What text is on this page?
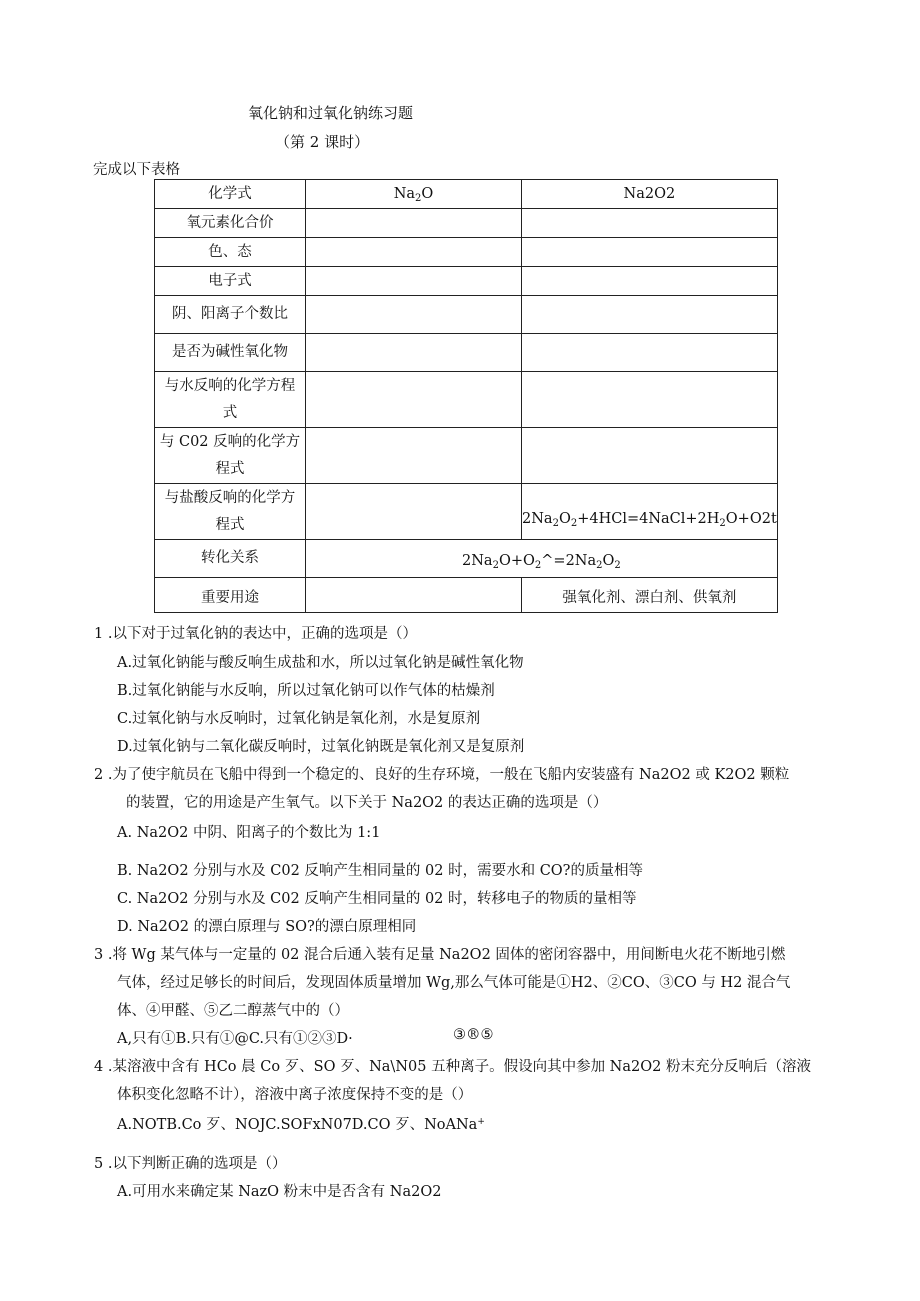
氧化钠和过氧化钠练习题
（第 2 课时）
完成以下表格
化学式	$Na_2O$	Na2O2
氧元素化合价		
色、态		
电子式		
阴、阳离子个数比		
是否为碱性氧化物		
与水反响的化学方程
式		
与 C02 反响的化学方
程式		
与盐酸反响的化学方
程式		$2Na_2O_2+4HCl=4NaCl+2H_2O+O2t$
转化关系	$2Na_2O+O_2\^{}=2Na_2O_2$
重要用途		强氧化剂、漂白剂、供氧剂
1 .以下对于过氧化钠的表达中，正确的选项是（）
A.过氧化钠能与酸反响生成盐和水，所以过氧化钠是碱性氧化物
B.过氧化钠能与水反响，所以过氧化钠可以作气体的枯燥剂
C.过氧化钠与水反响时，过氧化钠是氧化剂，水是复原剂
D.过氧化钠与二氧化碳反响时，过氧化钠既是氧化剂又是复原剂
2 .为了使宇航员在飞船中得到一个稳定的、良好的生存环境，一般在飞船内安装盛有 Na2O2 或 K2O2 颗粒
的装置，它的用途是产生氧气。以下关于 Na2O2 的表达正确的选项是（）
A. Na2O2 中阴、阳离子的个数比为 1:1
B. Na2O2 分别与水及 C02 反响产生相同量的 02 时，需要水和 CO?的质量相等
C. Na2O2 分别与水及 C02 反响产生相同量的 02 时，转移电子的物质的量相等
D. Na2O2 的漂白原理与 SO?的漂白原理相同
3 .将 Wg 某气体与一定量的 02 混合后通入装有足量 Na2O2 固体的密闭容器中，用间断电火花不断地引燃
气体，经过足够长的时间后，发现固体质量增加 Wg,那么气体可能是①H2、②CO、③CO 与 H2 混合气
体、④甲醛、⑤乙二醇蒸气中的（）
A,只有①B.只有①@C.只有①②③D·	③®⑤
4 .某溶液中含有 HCo 晨 Co 歹、SO 歹、Na\N05 五种离子。假设向其中参加 Na2O2 粉末充分反响后（溶液
体积变化忽略不计），溶液中离子浓度保持不变的是（）
A.NOTB.Co 歹、NOJC.SOFxN07D.CO 歹、NoANa+
5 .以下判断正确的选项是（）
A.可用水来确定某 NazO 粉末中是否含有 Na2O2
